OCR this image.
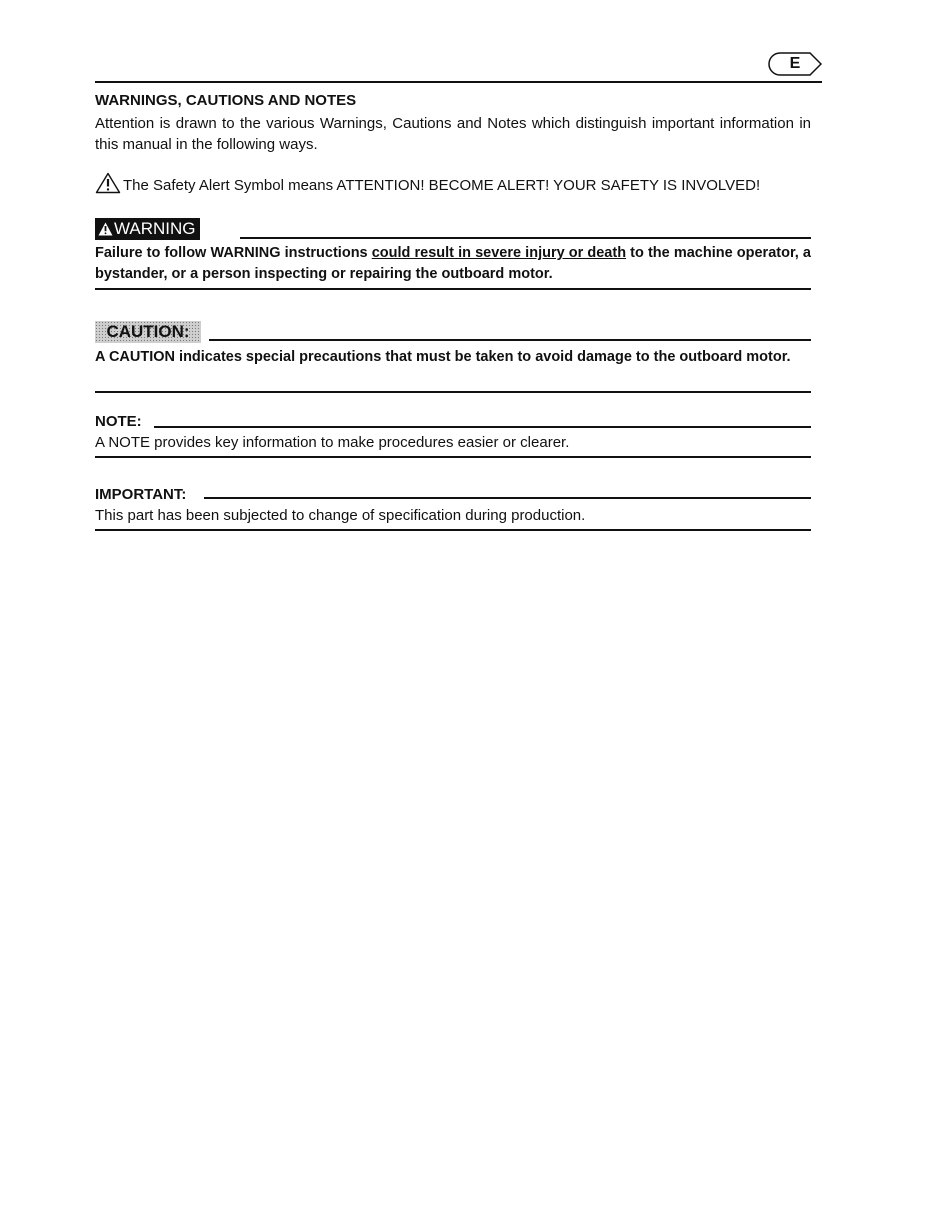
E
WARNINGS, CAUTIONS AND NOTES
Attention is drawn to the various Warnings, Cautions and Notes which distinguish important information in this manual in the following ways.
The Safety Alert Symbol means ATTENTION! BECOME ALERT! YOUR SAFETY IS INVOLVED!
WARNING
Failure to follow WARNING instructions could result in severe injury or death to the machine operator, a bystander, or a person inspecting or repairing the outboard motor.
CAUTION:
A CAUTION indicates special precautions that must be taken to avoid damage to the outboard motor.
NOTE:
A NOTE provides key information to make procedures easier or clearer.
IMPORTANT:
This part has been subjected to change of specification during production.
